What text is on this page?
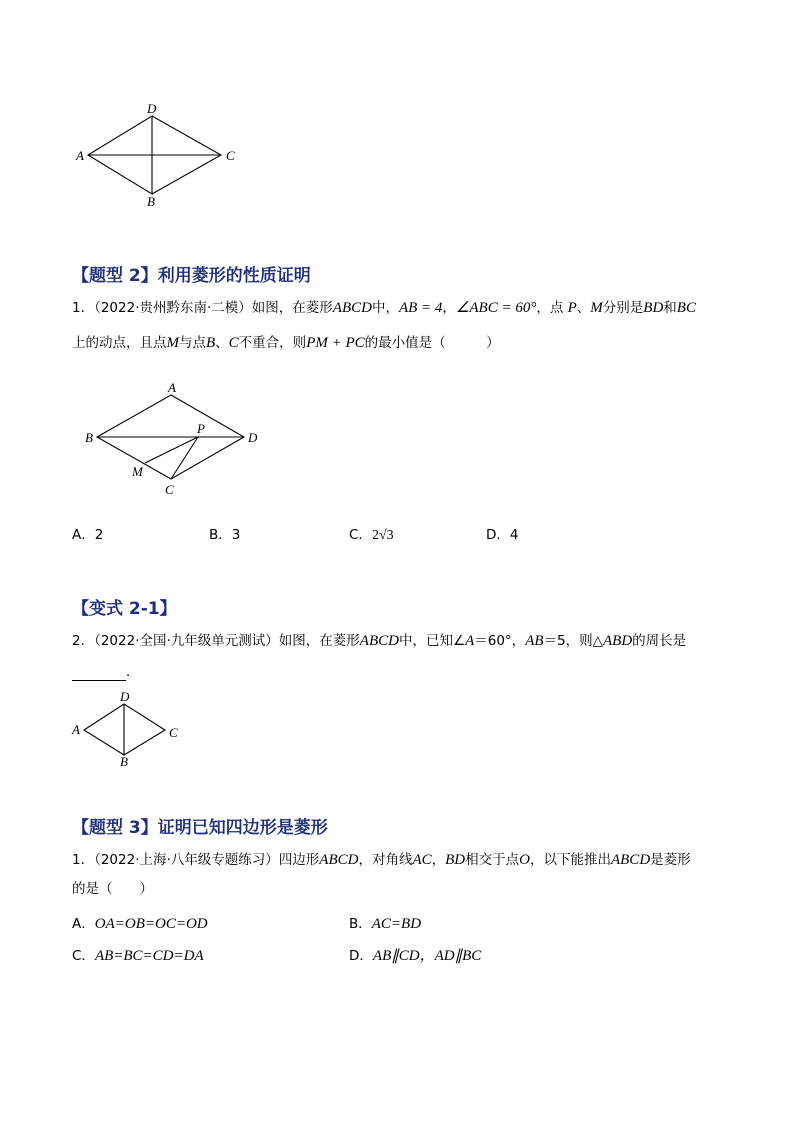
D
A	C
B
【题型 2】利用菱形的性质证明
1．（2022·贵州黔东南·二模）如图，在菱形ABCD中，AB = 4，∠ABC = 60°，点 P、M分别是BD和BC
上的动点，且点M与点B、C不重合，则PM + PC的最小值是（　　　）
A
B
P
D
M
C
A．2	B．3	C．2√3	D．4
【变式 2-1】
2．（2022·全国·九年级单元测试）如图，在菱形ABCD中，已知∠A＝60°，AB＝5，则△ABD的周长是
．
D
A	C
B
【题型 3】证明已知四边形是菱形
1．（2022·上海·八年级专题练习）四边形ABCD，对角线AC，BD相交于点O，以下能推出ABCD是菱形
的是（　　）
A．OA=OB=OC=OD	B．AC=BD
C．AB=BC=CD=DA	D．AB∥CD，AD∥BC
